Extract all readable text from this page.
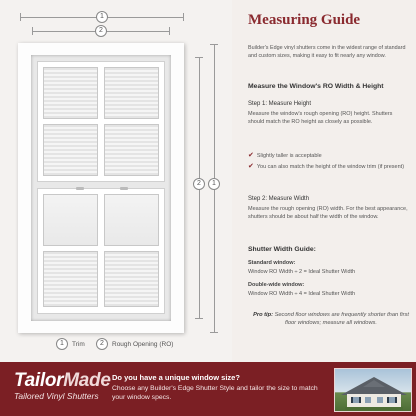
1
2
2	1
1	Trim	2	Rough Opening (RO)
Measuring Guide
Builder's Edge vinyl shutters come in the widest range of standard and custom sizes, making it easy to fit nearly any window.
Measure the Window's RO Width & Height
Step 1: Measure Height
Measure the window's rough opening (RO) height. Shutters should match the RO height as closely as possible.
✔ Slightly taller is acceptable
✔ You can also match the height of the window trim (if present)
Step 2: Measure Width
Measure the rough opening (RO) width. For the best appearance, shutters should be about half the width of the window.
Shutter Width Guide:
Standard window:
Window RO Width ÷ 2 = Ideal Shutter Width
Double-wide window:
Window RO Width ÷ 4 = Ideal Shutter Width
Pro tip: Second floor windows are frequently shorter than first floor windows; measure all windows.
TailorMade
Tailored Vinyl Shutters
Do you have a unique window size?
Choose any Builder's Edge Shutter Style and tailor the size to match your window specs.
